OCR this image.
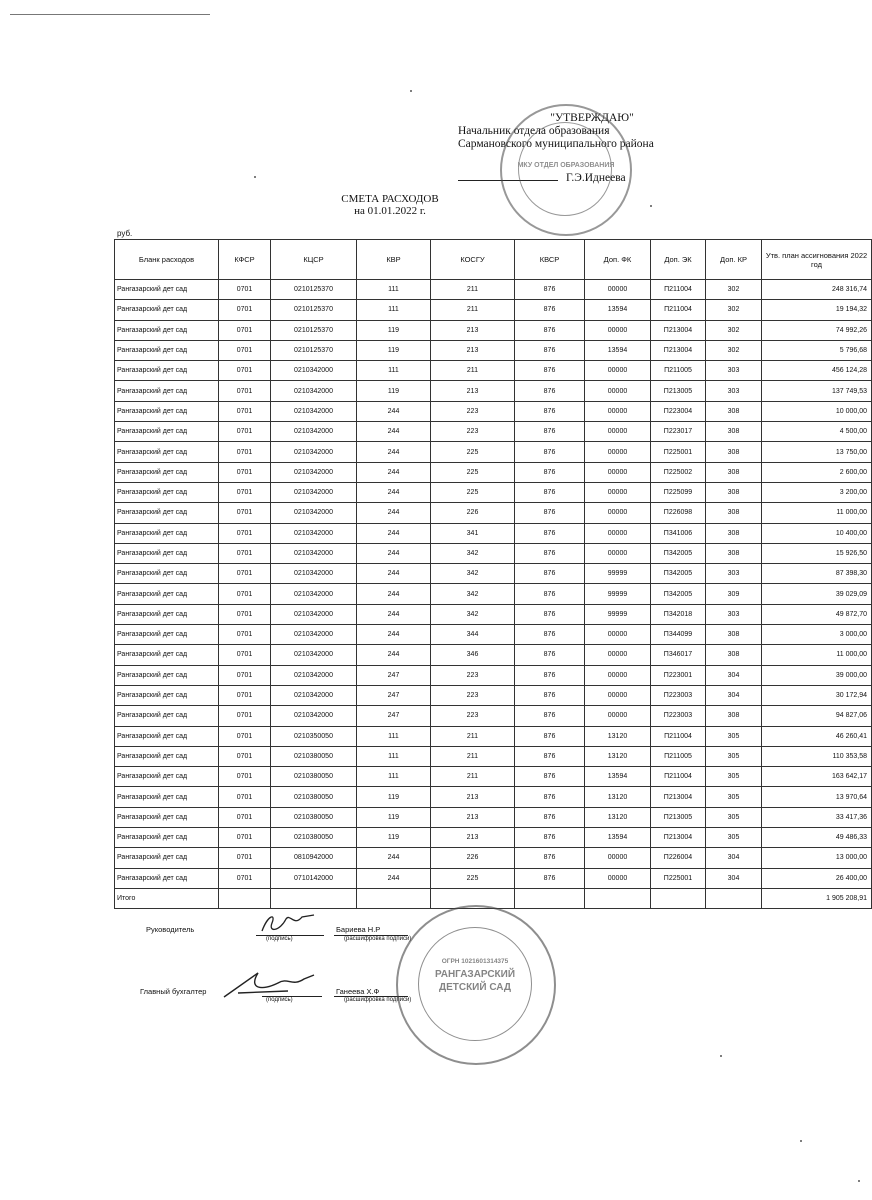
"УТВЕРЖДАЮ"
Начальник отдела образования
Сармановского муниципального района
Г.Э.Иднеева
МКУ ОТДЕЛ ОБРАЗОВАНИЯ
СМЕТА РАСХОДОВ
на 01.01.2022 г.
руб.
Бланк расходов	КФСР	КЦСР	КВР	КОСГУ	КВСР	Доп. ФК	Доп. ЭК	Доп. КР	Утв. план ассигнования 2022 год
Рангазарский дет сад	0701	0210125370	111	211	876	00000	П211004	302	248 316,74
Рангазарский дет сад	0701	0210125370	111	211	876	13594	П211004	302	19 194,32
Рангазарский дет сад	0701	0210125370	119	213	876	00000	П213004	302	74 992,26
Рангазарский дет сад	0701	0210125370	119	213	876	13594	П213004	302	5 796,68
Рангазарский дет сад	0701	0210342000	111	211	876	00000	П211005	303	456 124,28
Рангазарский дет сад	0701	0210342000	119	213	876	00000	П213005	303	137 749,53
Рангазарский дет сад	0701	0210342000	244	223	876	00000	П223004	308	10 000,00
Рангазарский дет сад	0701	0210342000	244	223	876	00000	П223017	308	4 500,00
Рангазарский дет сад	0701	0210342000	244	225	876	00000	П225001	308	13 750,00
Рангазарский дет сад	0701	0210342000	244	225	876	00000	П225002	308	2 600,00
Рангазарский дет сад	0701	0210342000	244	225	876	00000	П225099	308	3 200,00
Рангазарский дет сад	0701	0210342000	244	226	876	00000	П226098	308	11 000,00
Рангазарский дет сад	0701	0210342000	244	341	876	00000	П341006	308	10 400,00
Рангазарский дет сад	0701	0210342000	244	342	876	00000	П342005	308	15 926,50
Рангазарский дет сад	0701	0210342000	244	342	876	99999	П342005	303	87 398,30
Рангазарский дет сад	0701	0210342000	244	342	876	99999	П342005	309	39 029,09
Рангазарский дет сад	0701	0210342000	244	342	876	99999	П342018	303	49 872,70
Рангазарский дет сад	0701	0210342000	244	344	876	00000	П344099	308	3 000,00
Рангазарский дет сад	0701	0210342000	244	346	876	00000	П346017	308	11 000,00
Рангазарский дет сад	0701	0210342000	247	223	876	00000	П223001	304	39 000,00
Рангазарский дет сад	0701	0210342000	247	223	876	00000	П223003	304	30 172,94
Рангазарский дет сад	0701	0210342000	247	223	876	00000	П223003	308	94 827,06
Рангазарский дет сад	0701	0210350050	111	211	876	13120	П211004	305	46 260,41
Рангазарский дет сад	0701	0210380050	111	211	876	13120	П211005	305	110 353,58
Рангазарский дет сад	0701	0210380050	111	211	876	13594	П211004	305	163 642,17
Рангазарский дет сад	0701	0210380050	119	213	876	13120	П213004	305	13 970,64
Рангазарский дет сад	0701	0210380050	119	213	876	13120	П213005	305	33 417,36
Рангазарский дет сад	0701	0210380050	119	213	876	13594	П213004	305	49 486,33
Рангазарский дет сад	0701	0810942000	244	226	876	00000	П226004	304	13 000,00
Рангазарский дет сад	0701	0710142000	244	225	876	00000	П225001	304	26 400,00
Итого									1 905 208,91
Руководитель
(подпись)
Бариева Н.Р
(расшифровка подписи)
Главный бухгалтер
(подпись)
Ганеева Х.Ф
(расшифровка подписи)
ОГРН 1021601314375
РАНГАЗАРСКИЙ
ДЕТСКИЙ САД
